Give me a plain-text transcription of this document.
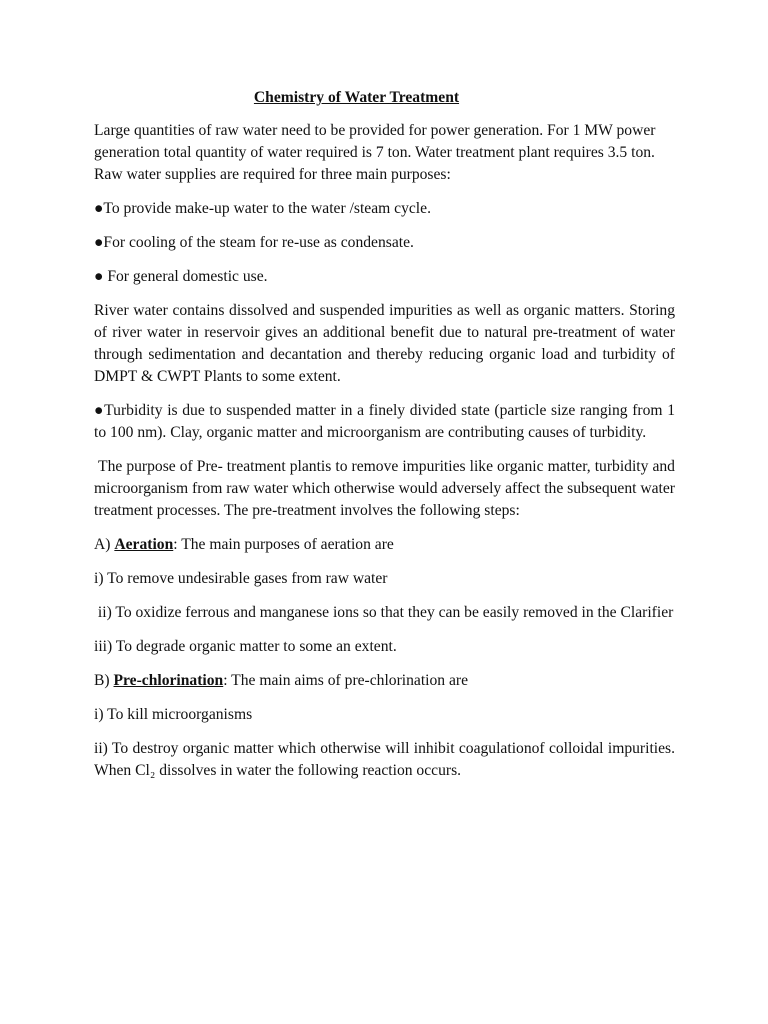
Chemistry of Water Treatment

Large quantities of raw water need to be provided for power generation. For 1 MW power generation total quantity of water required is 7 ton. Water treatment plant requires 3.5 ton.

Raw water supplies are required for three main purposes:

●To provide make-up water to the water /steam cycle.

●For cooling of the steam for re-use as condensate.

● For general domestic use.

River water contains dissolved and suspended impurities as well as organic matters. Storing of river water in reservoir gives an additional benefit due to natural pre-treatment of water through sedimentation and decantation and thereby reducing organic load and turbidity of DMPT & CWPT Plants to some extent.

●Turbidity is due to suspended matter in a finely divided state (particle size ranging from 1 to 100 nm). Clay, organic matter and microorganism are contributing causes of turbidity.

The purpose of Pre- treatment plantis to remove impurities like organic matter, turbidity and microorganism from raw water which otherwise would adversely affect the subsequent water treatment processes. The pre-treatment involves the following steps:

A) Aeration: The main purposes of aeration are

i) To remove undesirable gases from raw water

ii) To oxidize ferrous and manganese ions so that they can be easily removed in the Clarifier

iii) To degrade organic matter to some an extent.

B) Pre-chlorination: The main aims of pre-chlorination are

i) To kill microorganisms

ii) To destroy organic matter which otherwise will inhibit coagulationof colloidal impurities. When Cl₂ dissolves in water the following reaction occurs.
